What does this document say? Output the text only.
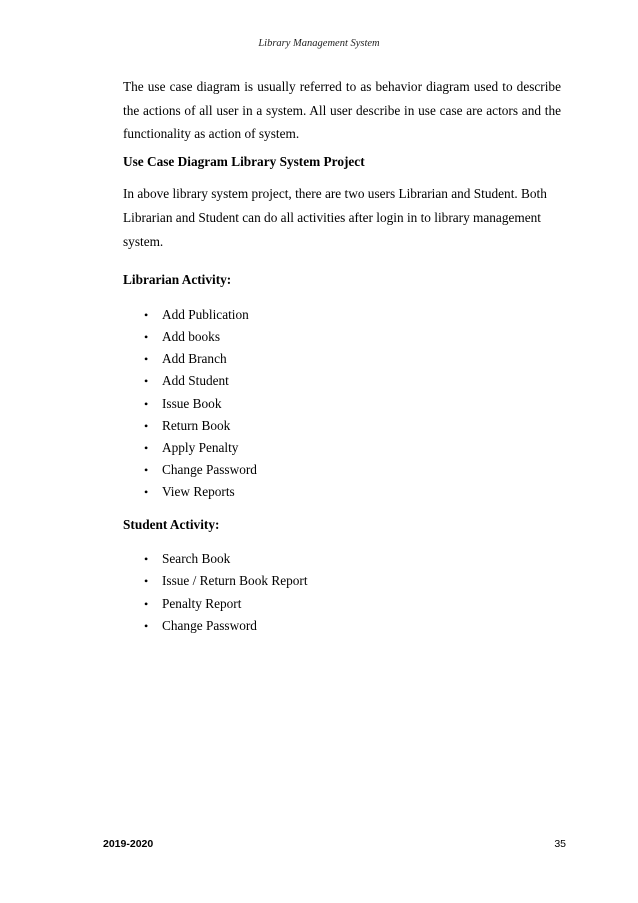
Library Management System

The use case diagram is usually referred to as behavior diagram used to describe the actions of all user in a system. All user describe in use case are actors and the functionality as action of system.

Use Case Diagram Library System Project

In above library system project, there are two users Librarian and Student. Both Librarian and Student can do all activities after login in to library management system.

Librarian Activity:

• Add Publication
• Add books
• Add Branch
• Add Student
• Issue Book
• Return Book
• Apply Penalty
• Change Password
• View Reports

Student Activity:

• Search Book
• Issue / Return Book Report
• Penalty Report
• Change Password
2019-2020	35
